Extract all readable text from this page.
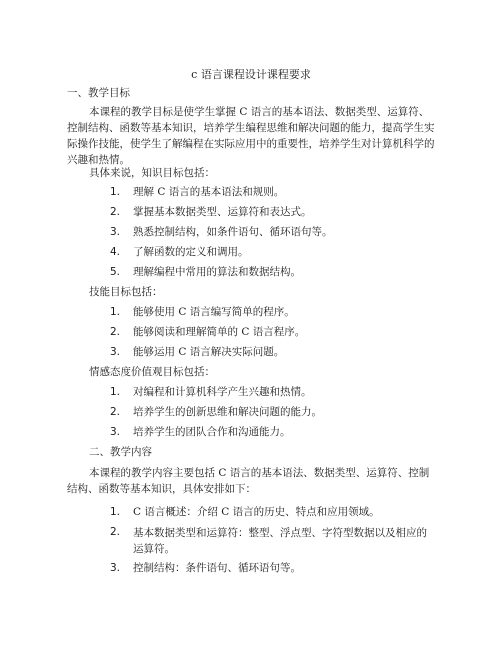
c 语言课程设计课程要求
一、教学目标
本课程的教学目标是使学生掌握 C 语言的基本语法、数据类型、运算符、控制结构、函数等基本知识，培养学生编程思维和解决问题的能力，提高学生实际操作技能，使学生了解编程在实际应用中的重要性，培养学生对计算机科学的兴趣和热情。
具体来说，知识目标包括：
1. 理解 C 语言的基本语法和规则。
2. 掌握基本数据类型、运算符和表达式。
3. 熟悉控制结构，如条件语句、循环语句等。
4. 了解函数的定义和调用。
5. 理解编程中常用的算法和数据结构。
技能目标包括：
1. 能够使用 C 语言编写简单的程序。
2. 能够阅读和理解简单的 C 语言程序。
3. 能够运用 C 语言解决实际问题。
情感态度价值观目标包括：
1. 对编程和计算机科学产生兴趣和热情。
2. 培养学生的创新思维和解决问题的能力。
3. 培养学生的团队合作和沟通能力。
二、教学内容
本课程的教学内容主要包括 C 语言的基本语法、数据类型、运算符、控制结构、函数等基本知识，具体安排如下：
1. C 语言概述：介绍 C 语言的历史、特点和应用领域。
2. 基本数据类型和运算符：整型、浮点型、字符型数据以及相应的运算符。
3. 控制结构：条件语句、循环语句等。
